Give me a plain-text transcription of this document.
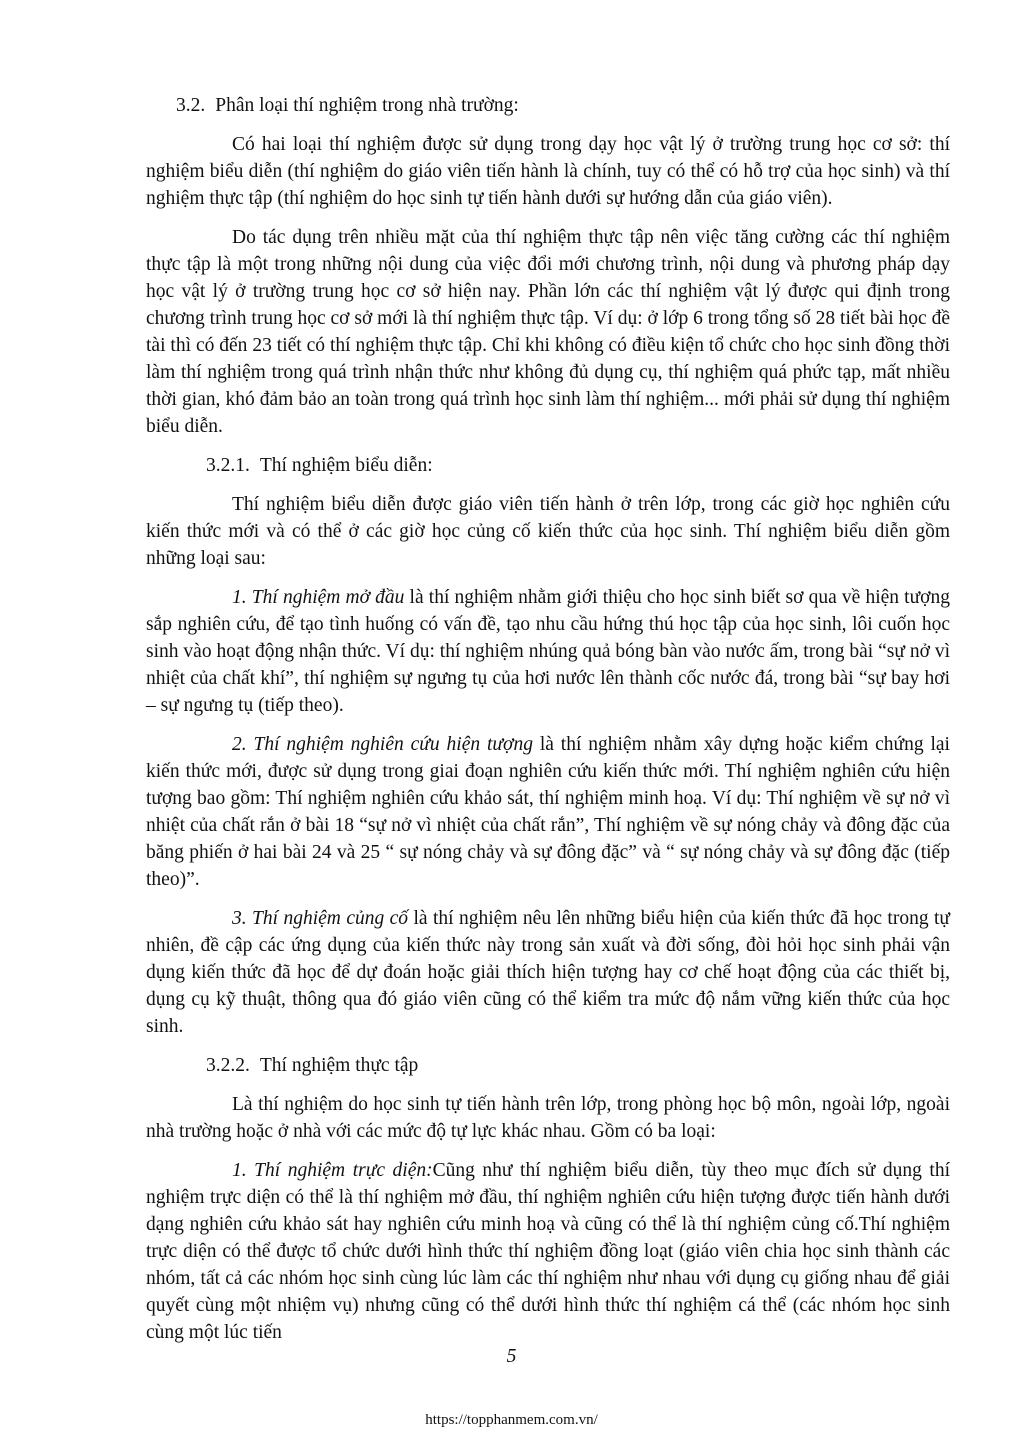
3.2. Phân loại thí nghiệm trong nhà trường:

Có hai loại thí nghiệm được sử dụng trong dạy học vật lý ở trường trung học cơ sở: thí nghiệm biểu diễn (thí nghiệm do giáo viên tiến hành là chính, tuy có thể có hỗ trợ của học sinh) và thí nghiệm thực tập (thí nghiệm do học sinh tự tiến hành dưới sự hướng dẫn của giáo viên).

Do tác dụng trên nhiều mặt của thí nghiệm thực tập nên việc tăng cường các thí nghiệm thực tập là một trong những nội dung của việc đổi mới chương trình, nội dung và phương pháp dạy học vật lý ở trường trung học cơ sở hiện nay. Phần lớn các thí nghiệm vật lý được qui định trong chương trình trung học cơ sở mới là thí nghiệm thực tập. Ví dụ: ở lớp 6 trong tổng số 28 tiết bài học đề tài thì có đến 23 tiết có thí nghiệm thực tập. Chỉ khi không có điều kiện tổ chức cho học sinh đồng thời làm thí nghiệm trong quá trình nhận thức như không đủ dụng cụ, thí nghiệm quá phức tạp, mất nhiều thời gian, khó đảm bảo an toàn trong quá trình học sinh làm thí nghiệm... mới phải sử dụng thí nghiệm biểu diễn.

3.2.1. Thí nghiệm biểu diễn:

Thí nghiệm biểu diễn được giáo viên tiến hành ở trên lớp, trong các giờ học nghiên cứu kiến thức mới và có thể ở các giờ học củng cố kiến thức của học sinh. Thí nghiệm biểu diễn gồm những loại sau:

1. Thí nghiệm mở đầu là thí nghiệm nhằm giới thiệu cho học sinh biết sơ qua về hiện tượng sắp nghiên cứu, để tạo tình huống có vấn đề, tạo nhu cầu hứng thú học tập của học sinh, lôi cuốn học sinh vào hoạt động nhận thức. Ví dụ: thí nghiệm nhúng quả bóng bàn vào nước ấm, trong bài “sự nở vì nhiệt của chất khí”, thí nghiệm sự ngưng tụ của hơi nước lên thành cốc nước đá, trong bài “sự bay hơi – sự ngưng tụ (tiếp theo).

2. Thí nghiệm nghiên cứu hiện tượng là thí nghiệm nhằm xây dựng hoặc kiểm chứng lại kiến thức mới, được sử dụng trong giai đoạn nghiên cứu kiến thức mới. Thí nghiệm nghiên cứu hiện tượng bao gồm: Thí nghiệm nghiên cứu khảo sát, thí nghiệm minh hoạ. Ví dụ: Thí nghiệm về sự nở vì nhiệt của chất rắn ở bài 18 “sự nở vì nhiệt của chất rắn”, Thí nghiệm về sự nóng chảy và đông đặc của băng phiến ở hai bài 24 và 25 “ sự nóng chảy và sự đông đặc” và “ sự nóng chảy và sự đông đặc (tiếp theo)”.

3. Thí nghiệm củng cố là thí nghiệm nêu lên những biểu hiện của kiến thức đã học trong tự nhiên, đề cập các ứng dụng của kiến thức này trong sản xuất và đời sống, đòi hỏi học sinh phải vận dụng kiến thức đã học để dự đoán hoặc giải thích hiện tượng hay cơ chế hoạt động của các thiết bị, dụng cụ kỹ thuật, thông qua đó giáo viên cũng có thể kiểm tra mức độ nắm vững kiến thức của học sinh.

3.2.2. Thí nghiệm thực tập

Là thí nghiệm do học sinh tự tiến hành trên lớp, trong phòng học bộ môn, ngoài lớp, ngoài nhà trường hoặc ở nhà với các mức độ tự lực khác nhau. Gồm có ba loại:

1. Thí nghiệm trực diện:Cũng như thí nghiệm biểu diễn, tùy theo mục đích sử dụng thí nghiệm trực diện có thể là thí nghiệm mở đầu, thí nghiệm nghiên cứu hiện tượng được tiến hành dưới dạng nghiên cứu khảo sát hay nghiên cứu minh hoạ và cũng có thể là thí nghiệm củng cố.Thí nghiệm trực diện có thể được tổ chức dưới hình thức thí nghiệm đồng loạt (giáo viên chia học sinh thành các nhóm, tất cả các nhóm học sinh cùng lúc làm các thí nghiệm như nhau với dụng cụ giống nhau để giải quyết cùng một nhiệm vụ) nhưng cũng có thể dưới hình thức thí nghiệm cá thể (các nhóm học sinh cùng một lúc tiến

5
https://topphanmem.com.vn/
